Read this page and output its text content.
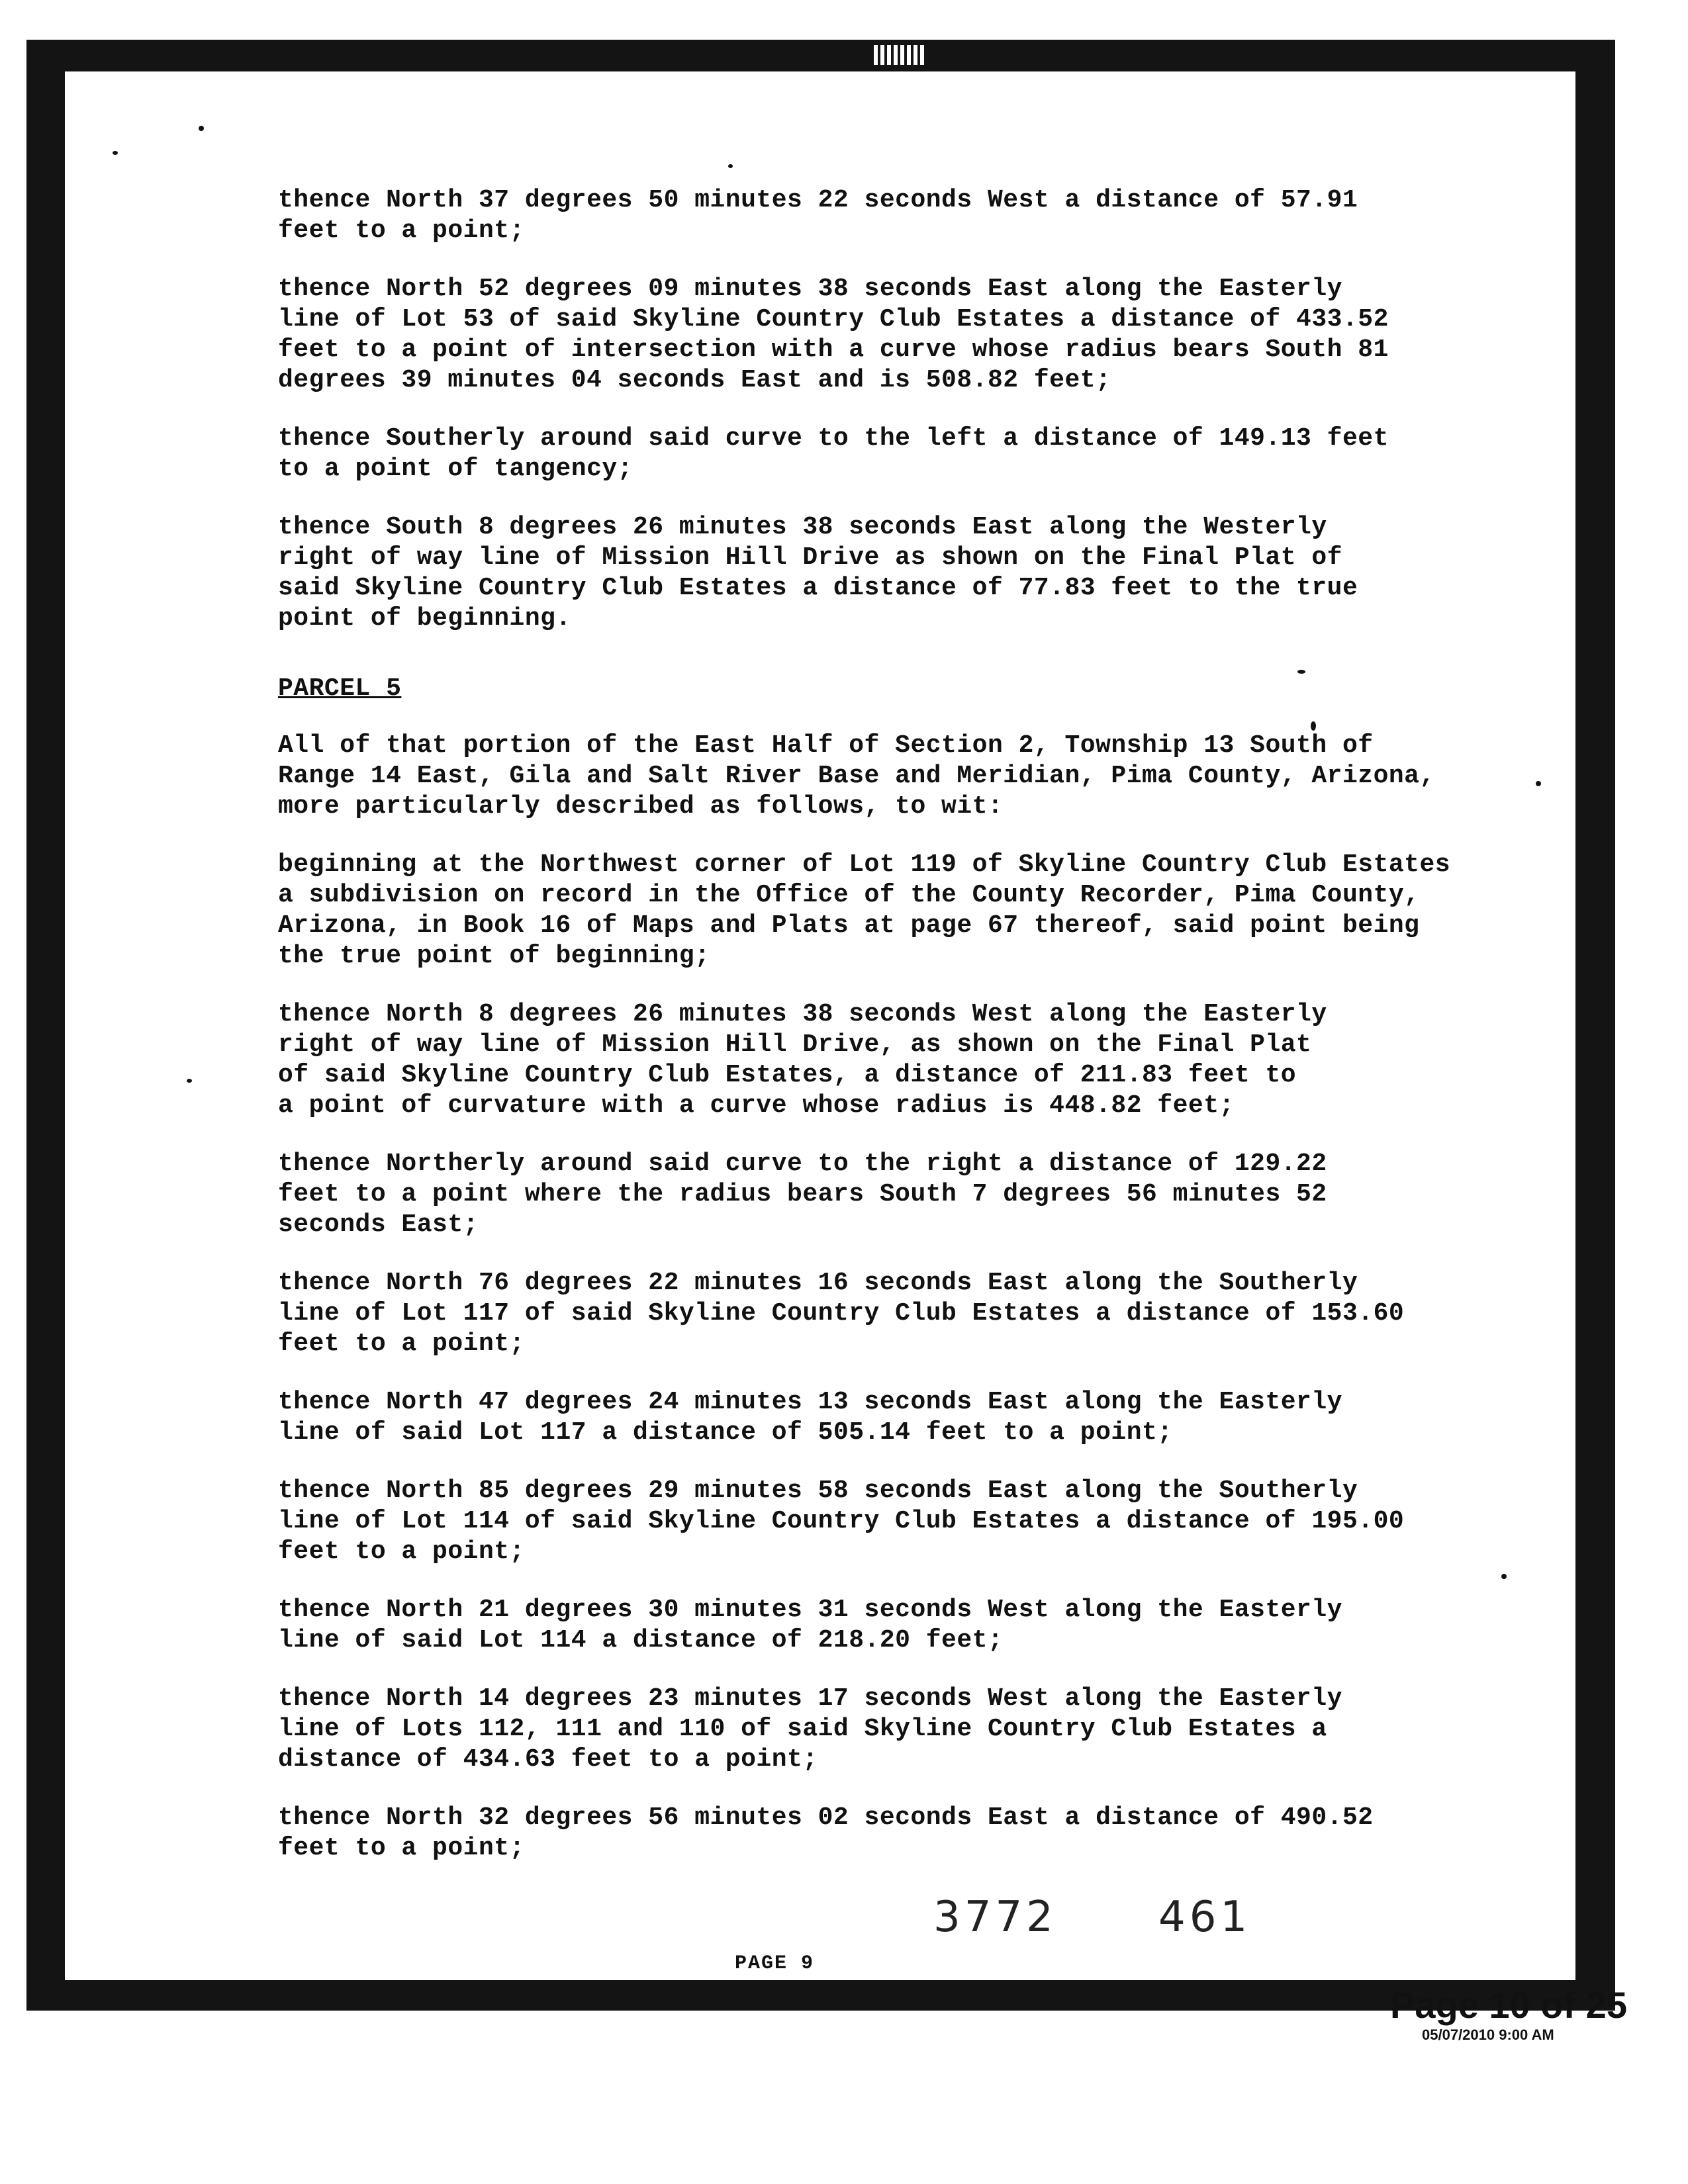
thence North 37 degrees 50 minutes 22 seconds West a distance of 57.91
feet to a point;

thence North 52 degrees 09 minutes 38 seconds East along the Easterly
line of Lot 53 of said Skyline Country Club Estates a distance of 433.52
feet to a point of intersection with a curve whose radius bears South 81
degrees 39 minutes 04 seconds East and is 508.82 feet;

thence Southerly around said curve to the left a distance of 149.13 feet
to a point of tangency;

thence South 8 degrees 26 minutes 38 seconds East along the Westerly
right of way line of Mission Hill Drive as shown on the Final Plat of
said Skyline Country Club Estates a distance of 77.83 feet to the true
point of beginning.

PARCEL 5

All of that portion of the East Half of Section 2, Township 13 South of
Range 14 East, Gila and Salt River Base and Meridian, Pima County, Arizona,
more particularly described as follows, to wit:

beginning at the Northwest corner of Lot 119 of Skyline Country Club Estates
a subdivision on record in the Office of the County Recorder, Pima County,
Arizona, in Book 16 of Maps and Plats at page 67 thereof, said point being
the true point of beginning;

thence North 8 degrees 26 minutes 38 seconds West along the Easterly
right of way line of Mission Hill Drive, as shown on the Final Plat
of said Skyline Country Club Estates, a distance of 211.83 feet to
a point of curvature with a curve whose radius is 448.82 feet;

thence Northerly around said curve to the right a distance of 129.22
feet to a point where the radius bears South 7 degrees 56 minutes 52
seconds East;

thence North 76 degrees 22 minutes 16 seconds East along the Southerly
line of Lot 117 of said Skyline Country Club Estates a distance of 153.60
feet to a point;

thence North 47 degrees 24 minutes 13 seconds East along the Easterly
line of said Lot 117 a distance of 505.14 feet to a point;

thence North 85 degrees 29 minutes 58 seconds East along the Southerly
line of Lot 114 of said Skyline Country Club Estates a distance of 195.00
feet to a point;

thence North 21 degrees 30 minutes 31 seconds West along the Easterly
line of said Lot 114 a distance of 218.20 feet;

thence North 14 degrees 23 minutes 17 seconds West along the Easterly
line of Lots 112, 111 and 110 of said Skyline Country Club Estates a
distance of 434.63 feet to a point;

thence North 32 degrees 56 minutes 02 seconds East a distance of 490.52
feet to a point;

3772 461
PAGE 9
Page 10 of 25
05/07/2010 9:00 AM
